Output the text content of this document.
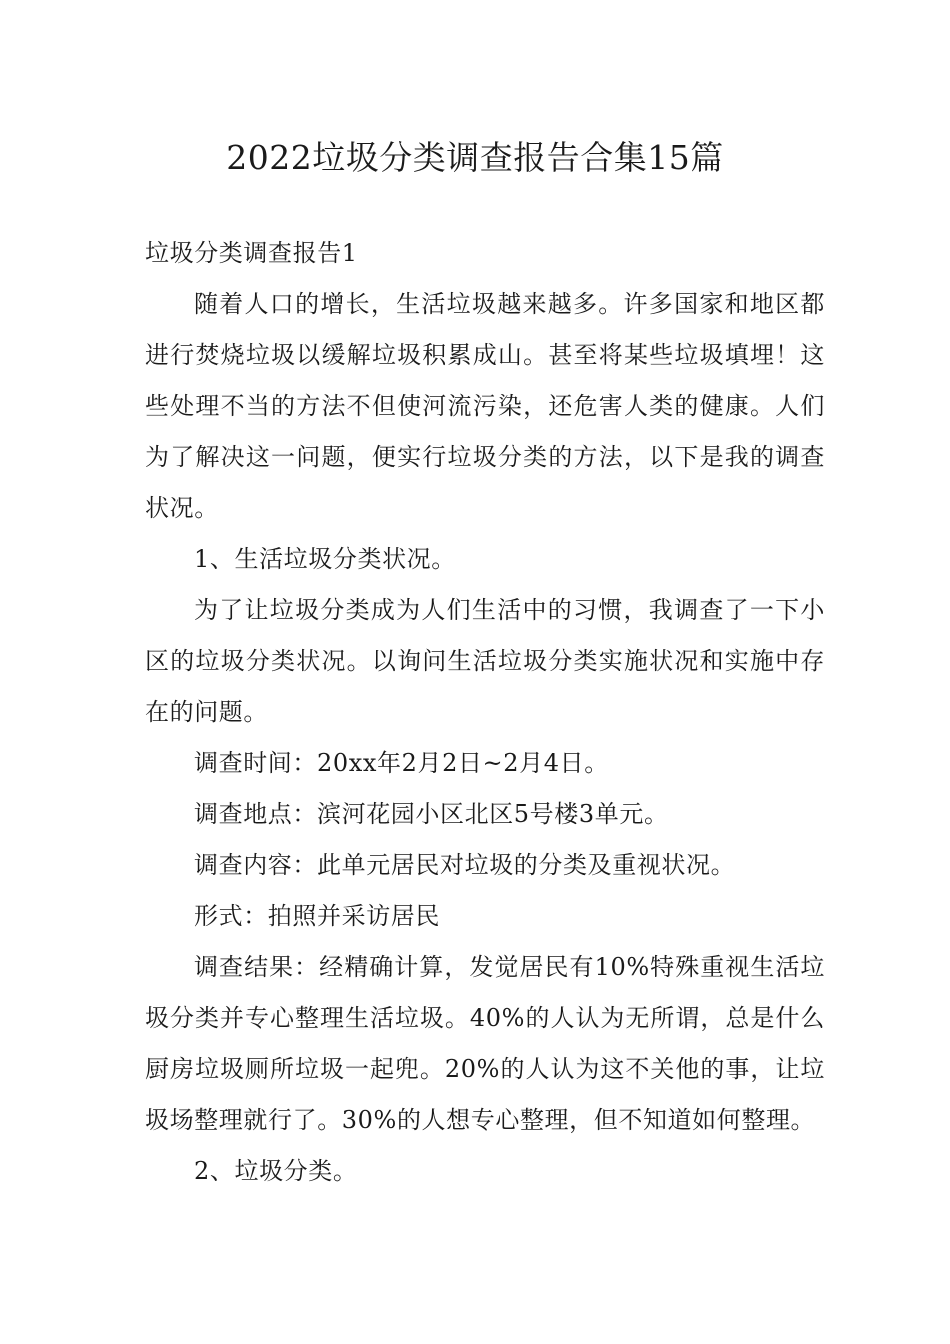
2022垃圾分类调查报告合集15篇

垃圾分类调查报告1

随着人口的增长，生活垃圾越来越多。许多国家和地区都进行焚烧垃圾以缓解垃圾积累成山。甚至将某些垃圾填埋！这些处理不当的方法不但使河流污染，还危害人类的健康。人们为了解决这一问题，便实行垃圾分类的方法，以下是我的调查状况。

1、生活垃圾分类状况。

为了让垃圾分类成为人们生活中的习惯，我调查了一下小区的垃圾分类状况。以询问生活垃圾分类实施状况和实施中存在的问题。

调查时间：20xx年2月2日~2月4日。

调查地点：滨河花园小区北区5号楼3单元。

调查内容：此单元居民对垃圾的分类及重视状况。

形式：拍照并采访居民

调查结果：经精确计算，发觉居民有10%特殊重视生活垃圾分类并专心整理生活垃圾。40%的人认为无所谓，总是什么厨房垃圾厕所垃圾一起兜。20%的人认为这不关他的事，让垃圾场整理就行了。30%的人想专心整理，但不知道如何整理。

2、垃圾分类。
